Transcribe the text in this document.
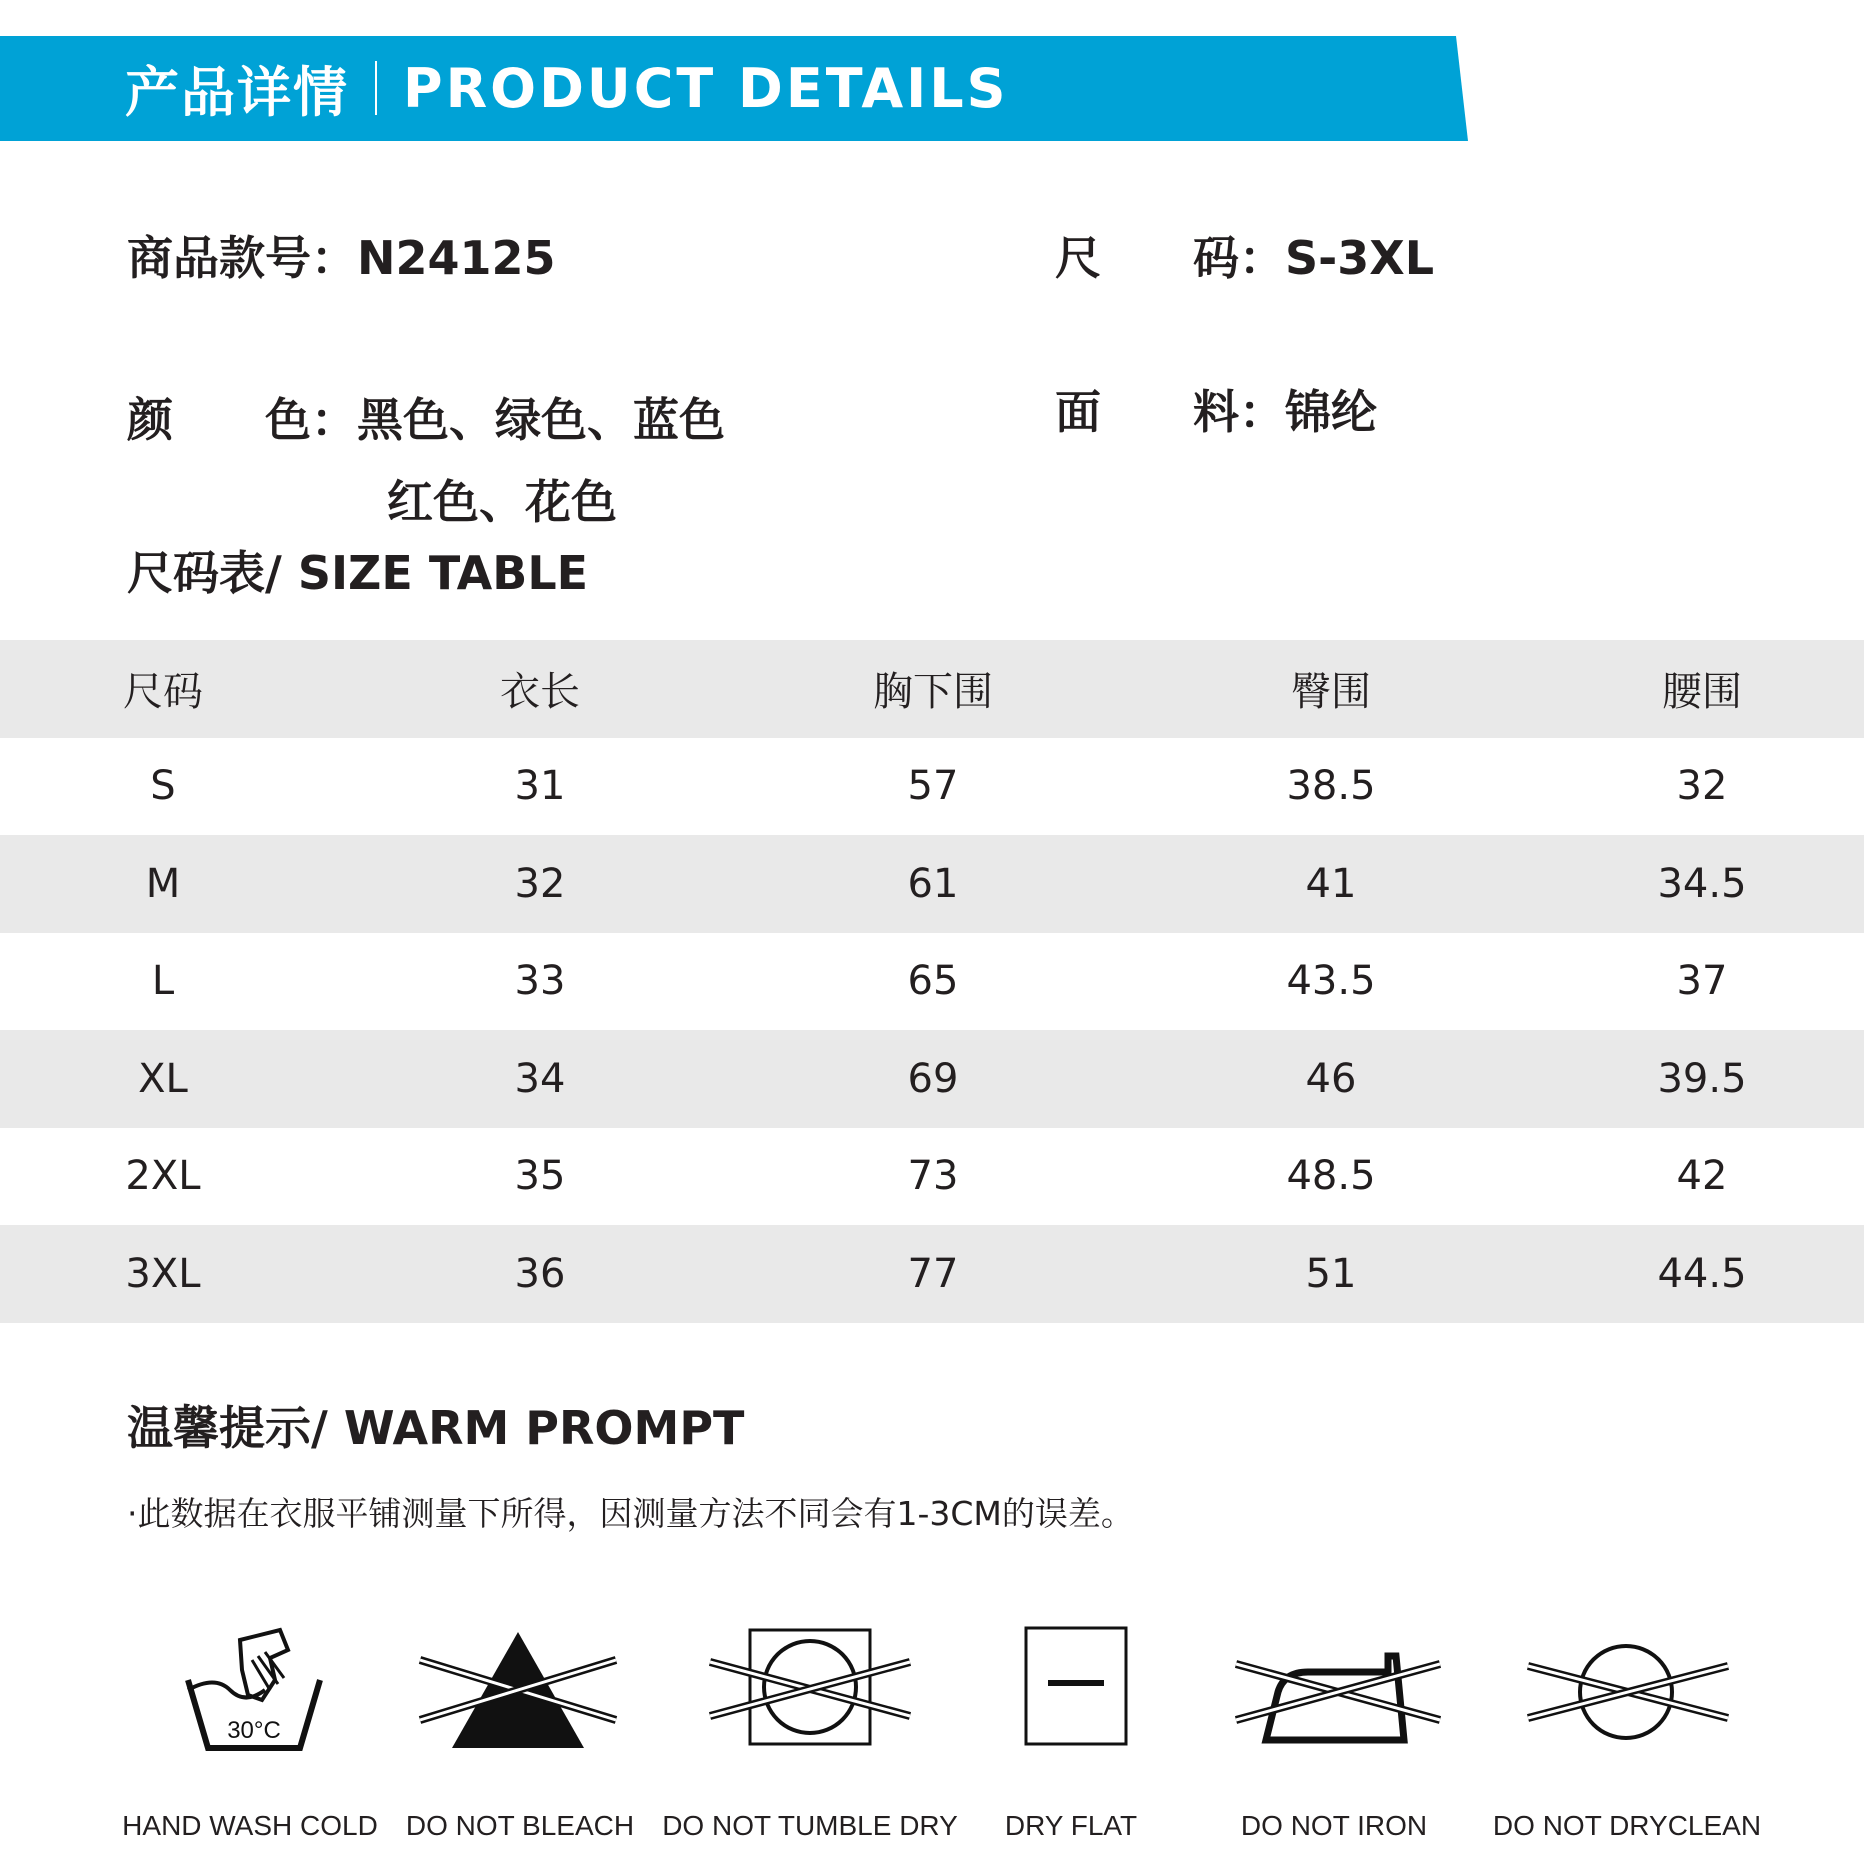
产品详情 PRODUCT DETAILS
商品款号：N24125	尺　　码：S-3XL
颜　　色：黑色、绿色、蓝色
红色、花色
面　　料：锦纶
尺码表/ SIZE TABLE
尺码	衣长	胸下围	臀围	腰围
S	31	57	38.5	32
M	32	61	41	34.5
L	33	65	43.5	37
XL	34	69	46	39.5
2XL	35	73	48.5	42
3XL	36	77	51	44.5
温馨提示/ WARM PROMPT
·此数据在衣服平铺测量下所得，因测量方法不同会有1-3CM的误差。
30°C
HAND WASH COLD DO NOT BLEACH DO NOT TUMBLE DRY DRY FLAT	DO NOT IRON DO NOT DRYCLEAN
